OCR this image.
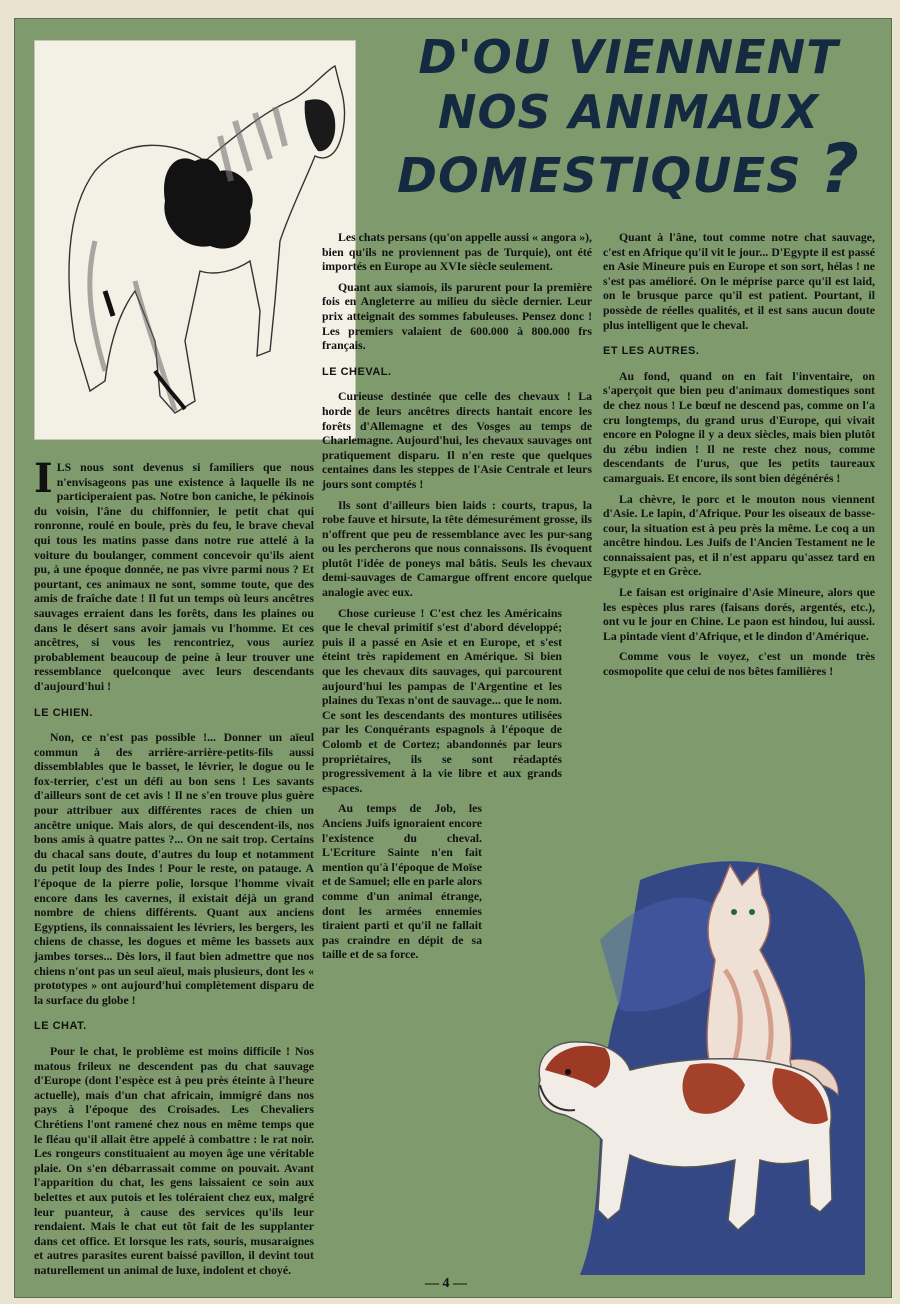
D'OU VIENNENT
NOS ANIMAUX
DOMESTIQUES ?

ILS nous sont devenus si familiers que nous n'envisageons pas une existence à laquelle ils ne participeraient pas. Notre bon caniche, le pékinois du voisin, l'âne du chiffonnier, le petit chat qui ronronne, roulé en boule, près du feu, le brave cheval qui tous les matins passe dans notre rue attelé à la voiture du boulanger, comment concevoir qu'ils aient pu, à une époque donnée, ne pas vivre parmi nous ? Et pourtant, ces animaux ne sont, somme toute, que des amis de fraîche date ! Il fut un temps où leurs ancêtres sauvages erraient dans les forêts, dans les plaines ou dans le désert sans avoir jamais vu l'homme. Et ces ancêtres, si vous les rencontriez, vous auriez probablement beaucoup de peine à leur trouver une ressemblance quelconque avec leurs descendants d'aujourd'hui !

LE CHIEN.

Non, ce n'est pas possible !... Donner un aïeul commun à des arrière-arrière-petits-fils aussi dissemblables que le basset, le lévrier, le dogue ou le fox-terrier, c'est un défi au bon sens ! Les savants d'ailleurs sont de cet avis ! Il ne s'en trouve plus guère pour attribuer aux différentes races de chien un ancêtre unique. Mais alors, de qui descendent-ils, nos bons amis à quatre pattes ?... On ne sait trop. Certains du chacal sans doute, d'autres du loup et notamment du petit loup des Indes ! Pour le reste, on patauge. A l'époque de la pierre polie, lorsque l'homme vivait encore dans les cavernes, il existait déjà un grand nombre de chiens différents. Quant aux anciens Egyptiens, ils connaissaient les lévriers, les bergers, les chiens de chasse, les dogues et même les bassets aux jambes torses... Dès lors, il faut bien admettre que nos chiens n'ont pas un seul aïeul, mais plusieurs, dont les « prototypes » ont aujourd'hui complètement disparu de la surface du globe !

LE CHAT.

Pour le chat, le problème est moins difficile ! Nos matous frileux ne descendent pas du chat sauvage d'Europe (dont l'espèce est à peu près éteinte à l'heure actuelle), mais d'un chat africain, immigré dans nos pays à l'époque des Croisades. Les Chevaliers Chrétiens l'ont ramené chez nous en même temps que le fléau qu'il allait être appelé à combattre : le rat noir. Les rongeurs constituaient au moyen âge une véritable plaie. On s'en débarrassait comme on pouvait. Avant l'apparition du chat, les gens laissaient ce soin aux belettes et aux putois et les toléraient chez eux, malgré leur puanteur, à cause des services qu'ils leur rendaient. Mais le chat eut tôt fait de les supplanter dans cet office. Et lorsque les rats, souris, musaraignes et autres parasites eurent baissé pavillon, il devint tout naturellement un animal de luxe, indolent et choyé.

Les chats persans (qu'on appelle aussi « angora »), bien qu'ils ne proviennent pas de Turquie), ont été importés en Europe au XVIe siècle seulement.

Quant aux siamois, ils parurent pour la première fois en Angleterre au milieu du siècle dernier. Leur prix atteignait des sommes fabuleuses. Pensez donc ! Les premiers valaient de 600.000 à 800.000 frs français.

LE CHEVAL.

Curieuse destinée que celle des chevaux ! La horde de leurs ancêtres directs hantait encore les forêts d'Allemagne et des Vosges au temps de Charlemagne. Aujourd'hui, les chevaux sauvages ont pratiquement disparu. Il n'en reste que quelques centaines dans les steppes de l'Asie Centrale et leurs jours sont comptés !

Ils sont d'ailleurs bien laids : courts, trapus, la robe fauve et hirsute, la tête démesurément grosse, ils n'offrent que peu de ressemblance avec les pur-sang ou les percherons que nous connaissons. Ils évoquent plutôt l'idée de poneys mal bâtis. Seuls les chevaux demi-sauvages de Camargue offrent encore quelque analogie avec eux.

Chose curieuse ! C'est chez les Américains que le cheval primitif s'est d'abord développé; puis il a passé en Asie et en Europe, et s'est éteint très rapidement en Amérique. Si bien que les chevaux dits sauvages, qui parcourent aujourd'hui les pampas de l'Argentine et les plaines du Texas n'ont de sauvage... que le nom. Ce sont les descendants des montures utilisées par les Conquérants espagnols à l'époque de Colomb et de Cortez; abandonnés par leurs propriétaires, ils se sont réadaptés progressivement à la vie libre et aux grands espaces.

Au temps de Job, les Anciens Juifs ignoraient encore l'existence du cheval. L'Ecriture Sainte n'en fait mention qu'à l'époque de Moïse et de Samuel; elle en parle alors comme d'un animal étrange, dont les armées ennemies tiraient parti et qu'il ne fallait pas craindre en dépit de sa taille et de sa force.

Quant à l'âne, tout comme notre chat sauvage, c'est en Afrique qu'il vit le jour... D'Egypte il est passé en Asie Mineure puis en Europe et son sort, hélas ! ne s'est pas amélioré. On le méprise parce qu'il est laid, on le brusque parce qu'il est patient. Pourtant, il possède de réelles qualités, et il est sans aucun doute plus intelligent que le cheval.

ET LES AUTRES.

Au fond, quand on en fait l'inventaire, on s'aperçoit que bien peu d'animaux domestiques sont de chez nous ! Le bœuf ne descend pas, comme on l'a cru longtemps, du grand urus d'Europe, qui vivait encore en Pologne il y a deux siècles, mais bien plutôt du zébu indien ! Il ne reste chez nous, comme descendants de l'urus, que les petits taureaux camarguais. Et encore, ils sont bien dégénérés !

La chèvre, le porc et le mouton nous viennent d'Asie. Le lapin, d'Afrique. Pour les oiseaux de basse-cour, la situation est à peu près la même. Le coq a un ancêtre hindou. Les Juifs de l'Ancien Testament ne le connaissaient pas, et il n'est apparu qu'assez tard en Egypte et en Grèce.

Le faisan est originaire d'Asie Mineure, alors que les espèces plus rares (faisans dorés, argentés, etc.), ont vu le jour en Chine. Le paon est hindou, lui aussi. La pintade vient d'Afrique, et le dindon d'Amérique.

Comme vous le voyez, c'est un monde très cosmopolite que celui de nos bêtes familières !

— 4 —
